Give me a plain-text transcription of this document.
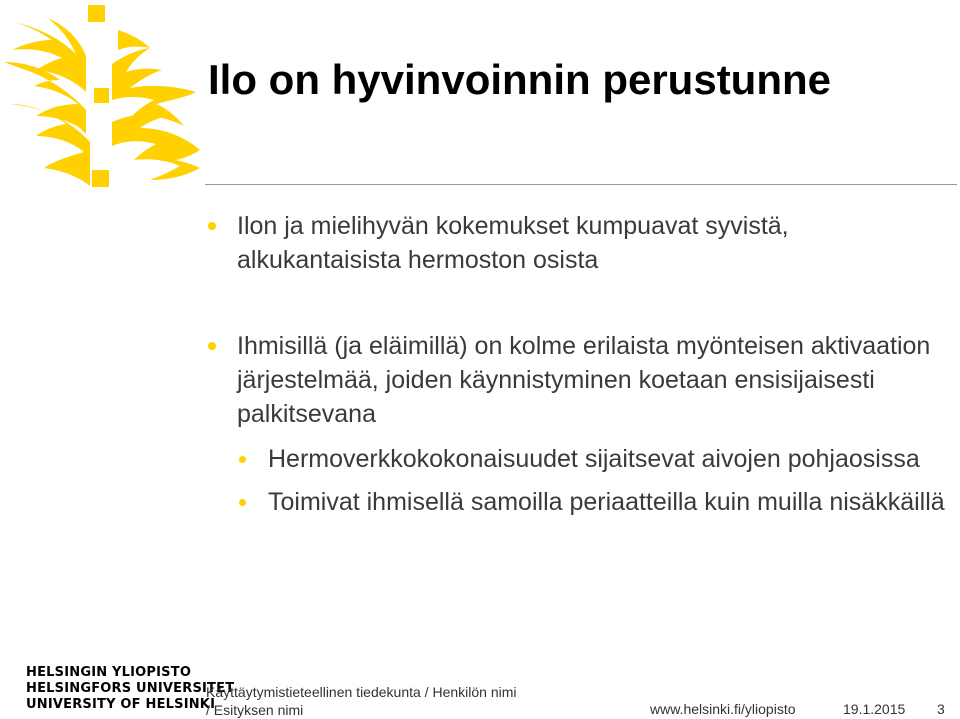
Ilo on hyvinvoinnin perustunne
Ilon ja mielihyvän kokemukset kumpuavat syvistä, alkukantaisista hermoston osista
Ihmisillä (ja eläimillä) on kolme erilaista myönteisen aktivaation järjestelmää, joiden käynnistyminen koetaan ensisijaisesti palkitsevana
Hermoverkkokokonaisuudet sijaitsevat aivojen pohjaosissa
Toimivat ihmisellä samoilla periaatteilla kuin muilla nisäkkäillä
HELSINGIN YLIOPISTO
HELSINGFORS UNIVERSITET
UNIVERSITY OF HELSINKI
Käyttäytymistieteellinen tiedekunta / Henkilön nimi
/ Esityksen nimi	www.helsinki.fi/yliopisto	19.1.2015 3
